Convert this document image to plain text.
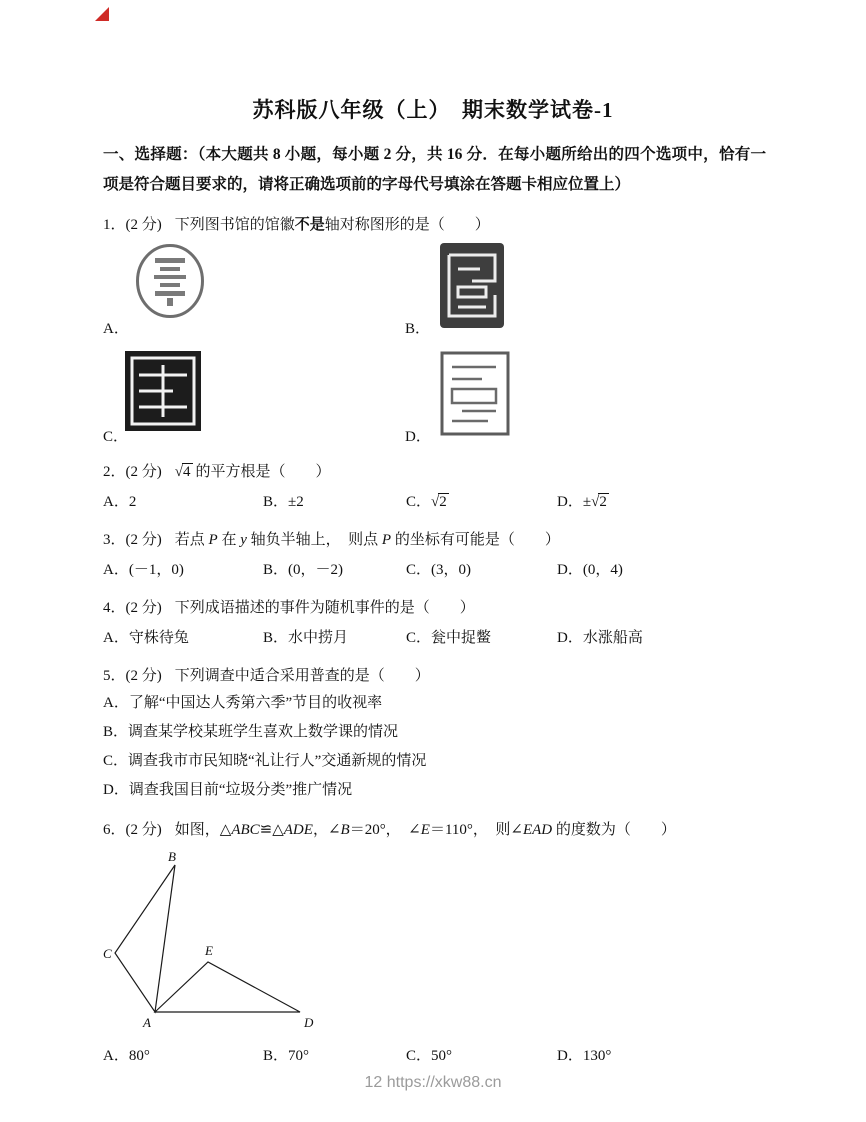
苏科版八年级（上）　期末数学试卷-1

一、选择题：（本大题共 8 小题，每小题 2 分，共 16 分．在每小题所给出的四个选项中，恰有一项是符合题目要求的，请将正确选项前的字母代号填涂在答题卡相应位置上）

1．(2 分) 下列图书馆的馆徽不是轴对称图形的是（　　）

A．	B．
C．	D．

2．(2 分) √4 的平方根是（　　）

A．2	B．±2	C．√2	D．±√2

3．(2 分) 若点 P 在 y 轴负半轴上，　则点 P 的坐标有可能是（　　）

A．(－1，0)	B．(0，－2)	C．(3，0)	D．(0，4)

4．(2 分) 下列成语描述的事件为随机事件的是（　　）

A．守株待兔	B．水中捞月	C．瓮中捉鳖	D．水涨船高

5．(2 分) 下列调查中适合采用普查的是（　　）

A．了解“中国达人秀第六季”节目的收视率

B．调查某学校某班学生喜欢上数学课的情况

C．调查我市市民知晓“礼让行人”交通新规的情况

D．调查我国目前“垃圾分类”推广情况

6．(2 分) 如图，△ABC≌△ADE，∠B＝20°，　∠E＝110°，　则∠EAD 的度数为（　　）

B
C
A
E
D
A．80°	B．70°	C．50°	D．130°
12 https://xkw88.cn
